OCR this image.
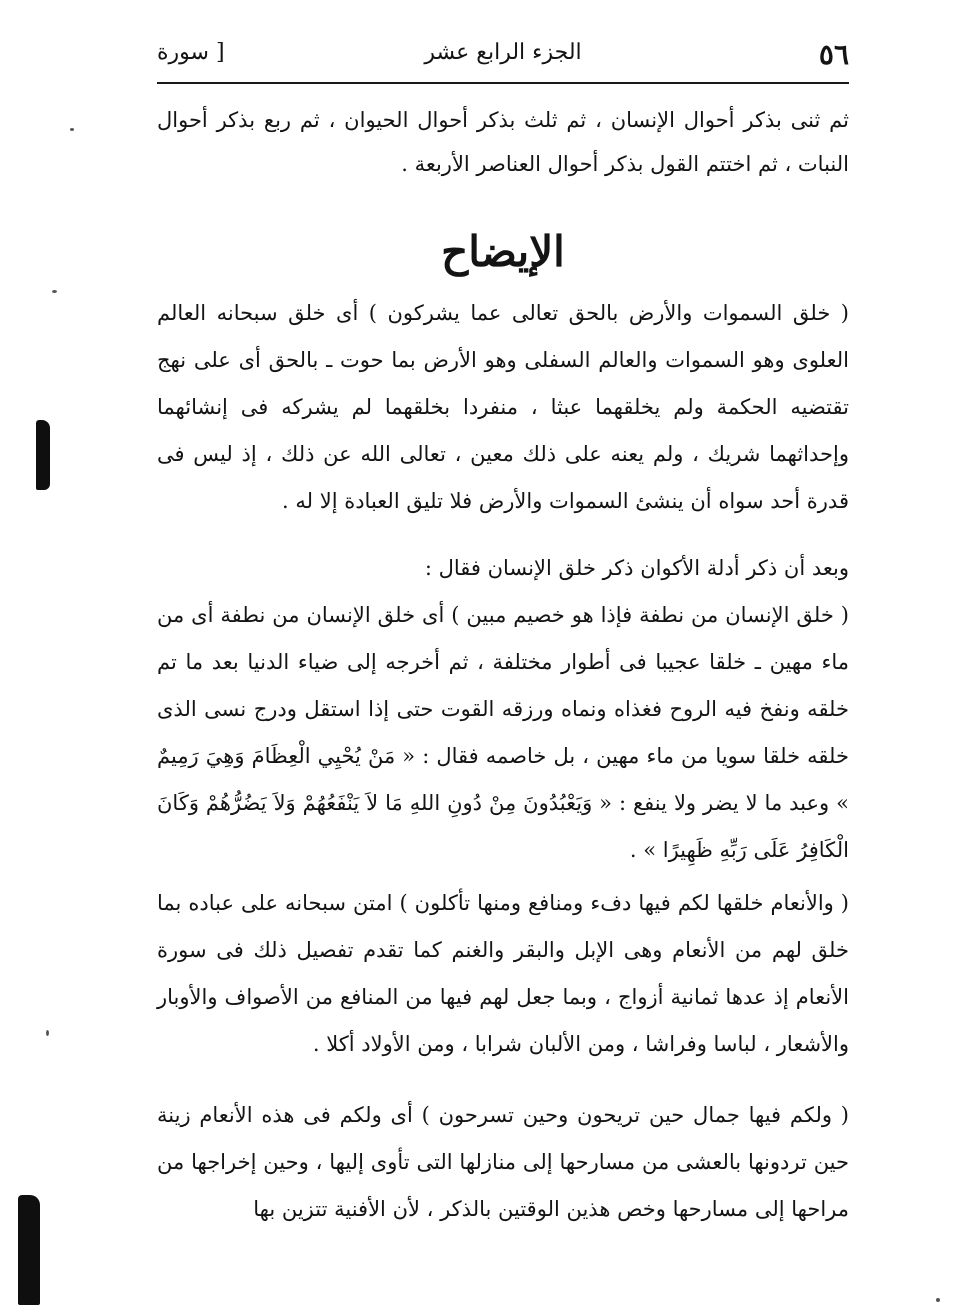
٥٦
الجزء الرابع عشر
[ سورة

ثم ثنى بذكر أحوال الإنسان ، ثم ثلث بذكر أحوال الحيوان ، ثم ربع بذكر أحوال النبات ، ثم اختتم القول بذكر أحوال العناصر الأربعة .

الإيضاح

( خلق السموات والأرض بالحق تعالى عما يشركون ) أى خلق سبحانه العالم العلوى وهو السموات والعالم السفلى وهو الأرض بما حوت ـ بالحق أى على نهج تقتضيه الحكمة ولم يخلقهما عبثا ، منفردا بخلقهما لم يشركه فى إنشائهما وإحداثهما شريك ، ولم يعنه على ذلك معين ، تعالى الله عن ذلك ، إذ ليس فى قدرة أحد سواه أن ينشئ السموات والأرض فلا تليق العبادة إلا له .

وبعد أن ذكر أدلة الأكوان ذكر خلق الإنسان فقال :

( خلق الإنسان من نطفة فإذا هو خصيم مبين ) أى خلق الإنسان من نطفة أى من ماء مهين ـ خلقا عجيبا فى أطوار مختلفة ، ثم أخرجه إلى ضياء الدنيا بعد ما تم خلقه ونفخ فيه الروح فغذاه ونماه ورزقه القوت حتى إذا استقل ودرج نسى الذى خلقه خلقا سويا من ماء مهين ، بل خاصمه فقال : « مَنْ يُحْيِي الْعِظَامَ وَهِيَ رَمِيمٌ » وعبد ما لا يضر ولا ينفع : « وَيَعْبُدُونَ مِنْ دُونِ اللهِ مَا لاَ يَنْفَعُهُمْ وَلاَ يَضُرُّهُمْ وَكَانَ الْكَافِرُ عَلَى رَبِّهِ ظَهِيرًا » .

( والأنعام خلقها لكم فيها دفء ومنافع ومنها تأكلون ) امتن سبحانه على عباده بما خلق لهم من الأنعام وهى الإبل والبقر والغنم كما تقدم تفصيل ذلك فى سورة الأنعام إذ عدها ثمانية أزواج ، وبما جعل لهم فيها من المنافع من الأصواف والأوبار والأشعار ، لباسا وفراشا ، ومن الألبان شرابا ، ومن الأولاد أكلا .

( ولكم فيها جمال حين تريحون وحين تسرحون ) أى ولكم فى هذه الأنعام زينة حين تردونها بالعشى من مسارحها إلى منازلها التى تأوى إليها ، وحين إخراجها من مراحها إلى مسارحها وخص هذين الوقتين بالذكر ، لأن الأفنية تتزين بها
